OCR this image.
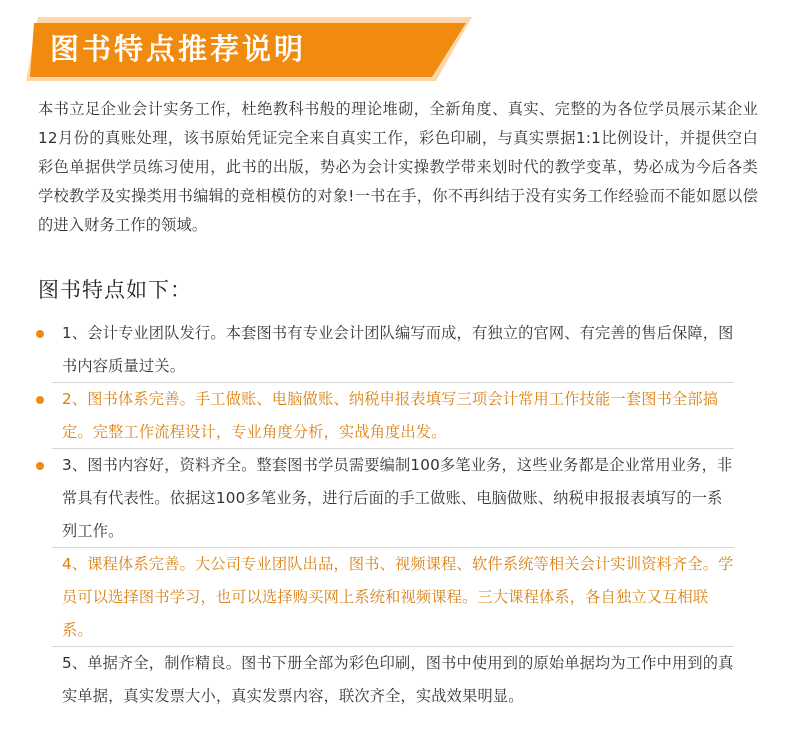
图书特点推荐说明
本书立足企业会计实务工作，杜绝教科书般的理论堆砌，全新角度、真实、完整的为各位学员展示某企业12月份的真账处理，该书原始凭证完全来自真实工作，彩色印刷，与真实票据1:1比例设计，并提供空白彩色单据供学员练习使用，此书的出版，势必为会计实操教学带来划时代的教学变革，势必成为今后各类学校教学及实操类用书编辑的竞相模仿的对象!一书在手，你不再纠结于没有实务工作经验而不能如愿以偿的进入财务工作的领域。
图书特点如下：
1、会计专业团队发行。本套图书有专业会计团队编写而成，有独立的官网、有完善的售后保障，图书内容质量过关。
2、图书体系完善。手工做账、电脑做账、纳税申报表填写三项会计常用工作技能一套图书全部搞定。完整工作流程设计，专业角度分析，实战角度出发。
3、图书内容好，资料齐全。整套图书学员需要编制100多笔业务，这些业务都是企业常用业务，非常具有代表性。依据这100多笔业务，进行后面的手工做账、电脑做账、纳税申报报表填写的一系列工作。
4、课程体系完善。大公司专业团队出品，图书、视频课程、软件系统等相关会计实训资料齐全。学员可以选择图书学习，也可以选择购买网上系统和视频课程。三大课程体系，各自独立又互相联系。
5、单据齐全，制作精良。图书下册全部为彩色印刷，图书中使用到的原始单据均为工作中用到的真实单据，真实发票大小，真实发票内容，联次齐全，实战效果明显。
